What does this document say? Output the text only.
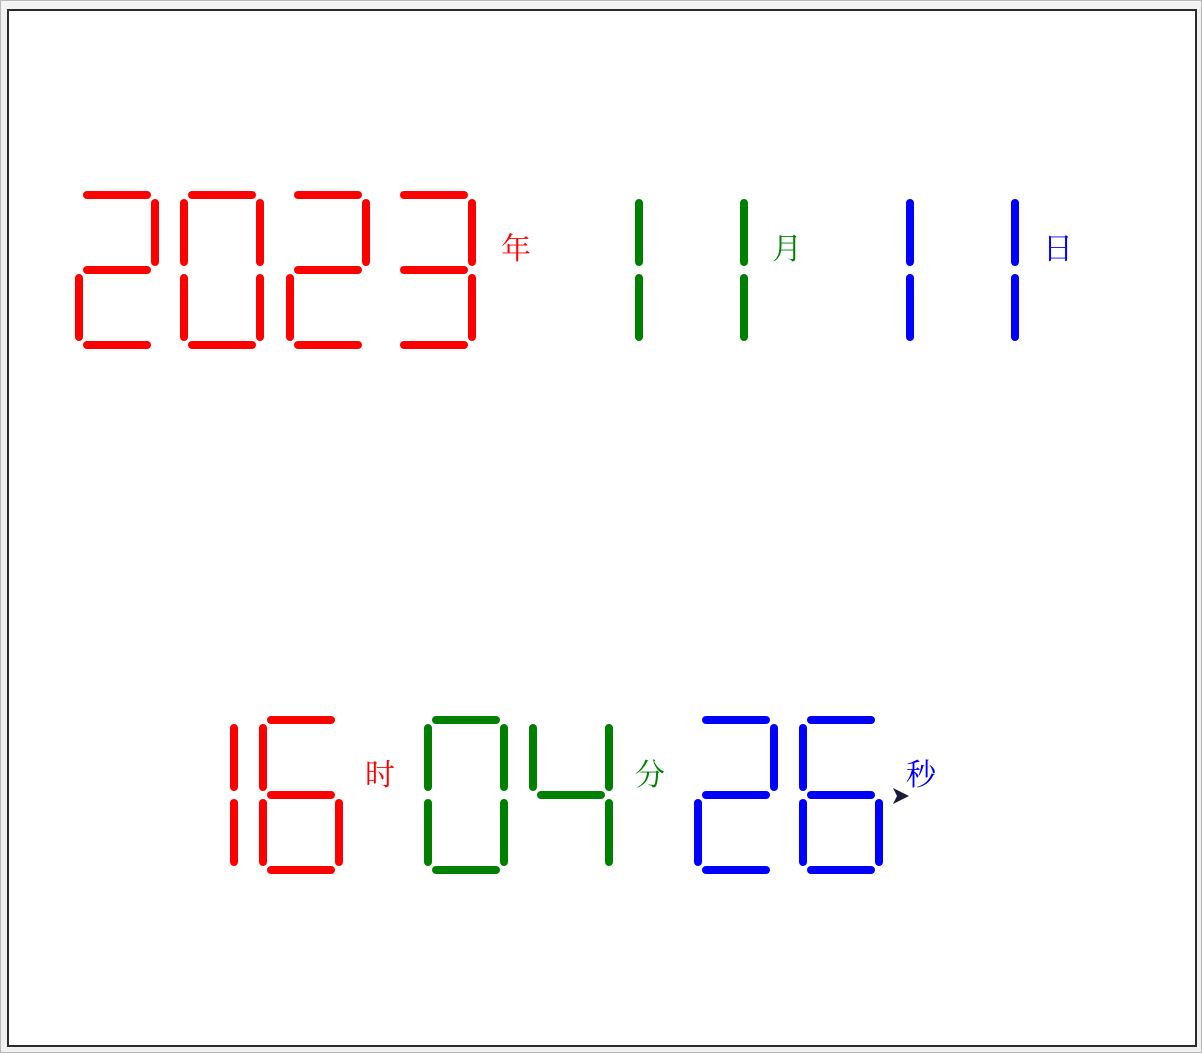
年	月	日
时	分	秒
